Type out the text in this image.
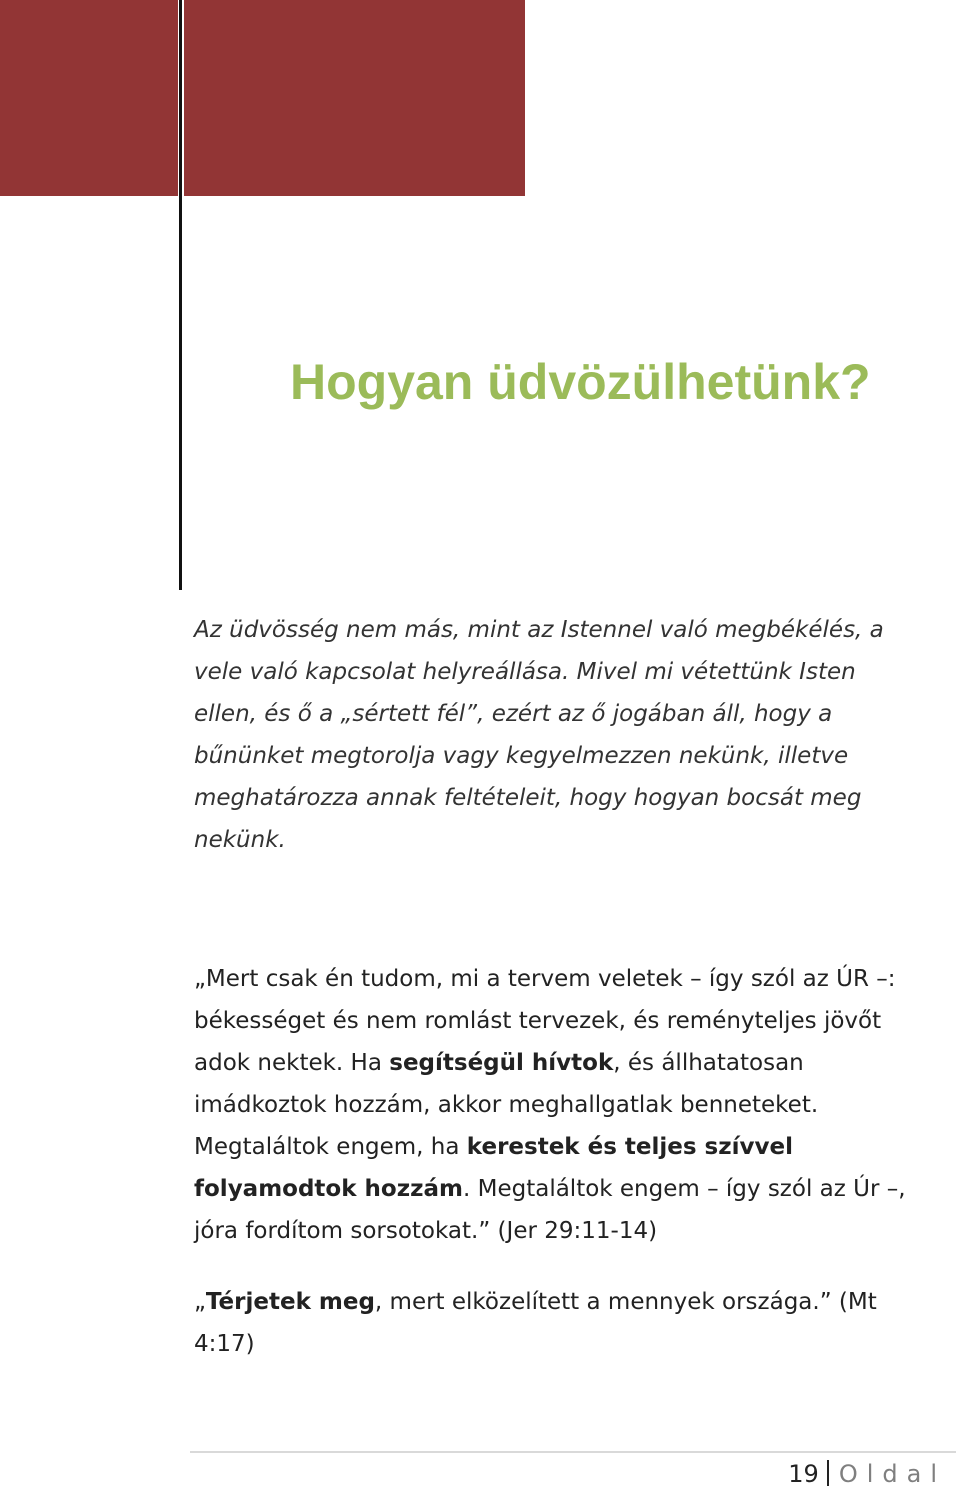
Hogyan üdvözülhetünk?

Az üdvösség nem más, mint az Istennel való megbékélés, a vele való kapcsolat helyreállása. Mivel mi vétettünk Isten ellen, és ő a „sértett fél”, ezért az ő jogában áll, hogy a bűnünket megtorolja vagy kegyelmezzen nekünk, illetve meghatározza annak feltételeit, hogy hogyan bocsát meg nekünk.

„Mert csak én tudom, mi a tervem veletek – így szól az ÚR –: békességet és nem romlást tervezek, és reményteljes jövőt adok nektek. Ha segítségül hívtok, és állhatatosan imádkoztok hozzám, akkor meghallgatlak benneteket. Megtaláltok engem, ha kerestek és teljes szívvel folyamodtok hozzám. Megtaláltok engem – így szól az Úr –, jóra fordítom sorsotokat.” (Jer 29:11-14)

„Térjetek meg, mert elközelített a mennyek országa.” (Mt 4:17)

19 Oldal
